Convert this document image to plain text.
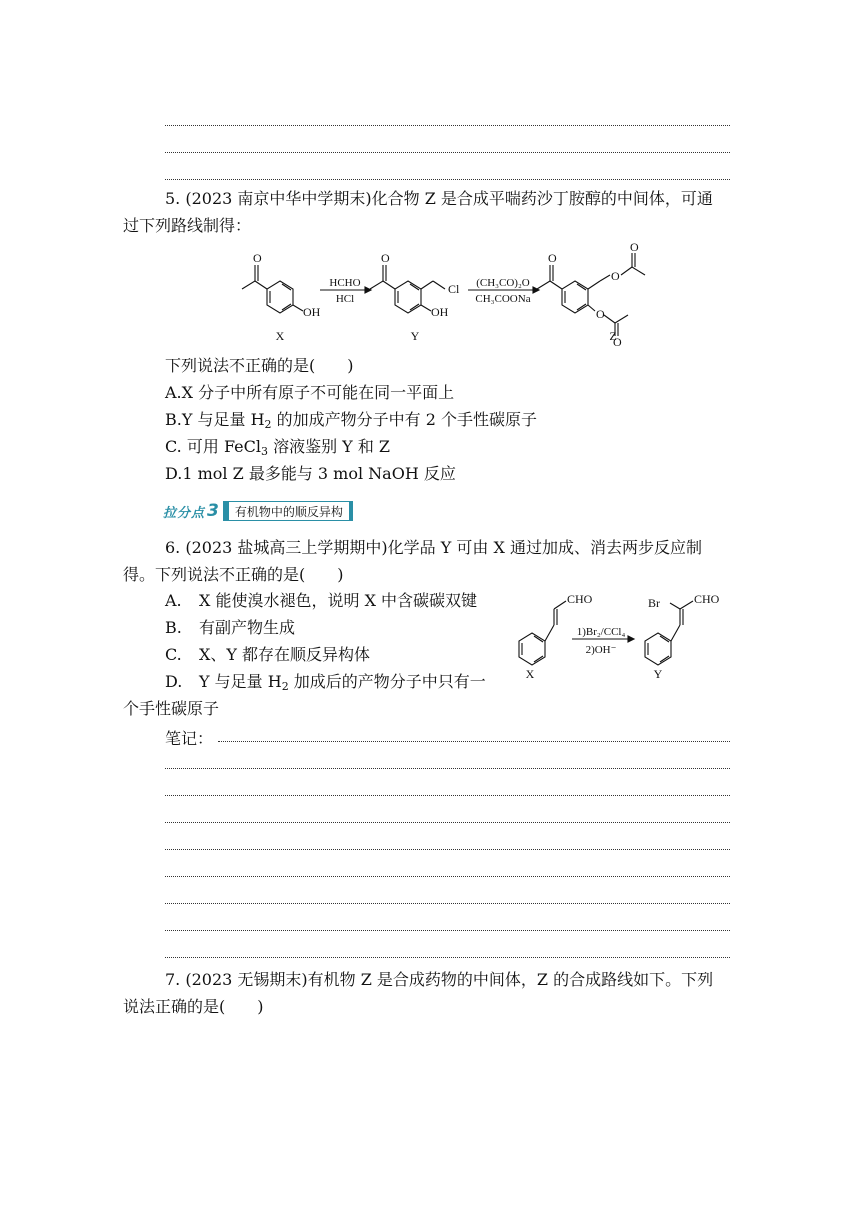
5. (2023 南京中华中学期末)化合物 Z 是合成平喘药沙丁胺醇的中间体，可通
过下列路线制得：
O
OH
O
OH
Cl
O
O
O
O
O
HCHO
HCl
(CH₃CO)₂O
CH₃COONa
X	Y	Z
下列说法不正确的是(　　)
A.X 分子中所有原子不可能在同一平面上
B.Y 与足量 $H_2$ 的加成产物分子中有 2 个手性碳原子
C. 可用 FeCl$_3$ 溶液鉴别 Y 和 Z
D.1 mol Z 最多能与 3 mol NaOH 反应
拉分点 3	有机物中的顺反异构
6. (2023 盐城高三上学期期中)化学品 Y 可由 X 通过加成、消去两步反应制
得。下列说法不正确的是(　　)
A. X 能使溴水褪色，说明 X 中含碳碳双键
B. 有副产物生成
C. X、Y 都存在顺反异构体
D. Y 与足量 $H_2$ 加成后的产物分子中只有一
个手性碳原子
CHO	Br	CHO
1)Br₂/CCl₄
2)OH⁻
X	Y
笔记：
7. (2023 无锡期末)有机物 Z 是合成药物的中间体，Z 的合成路线如下。下列
说法正确的是(　　)
